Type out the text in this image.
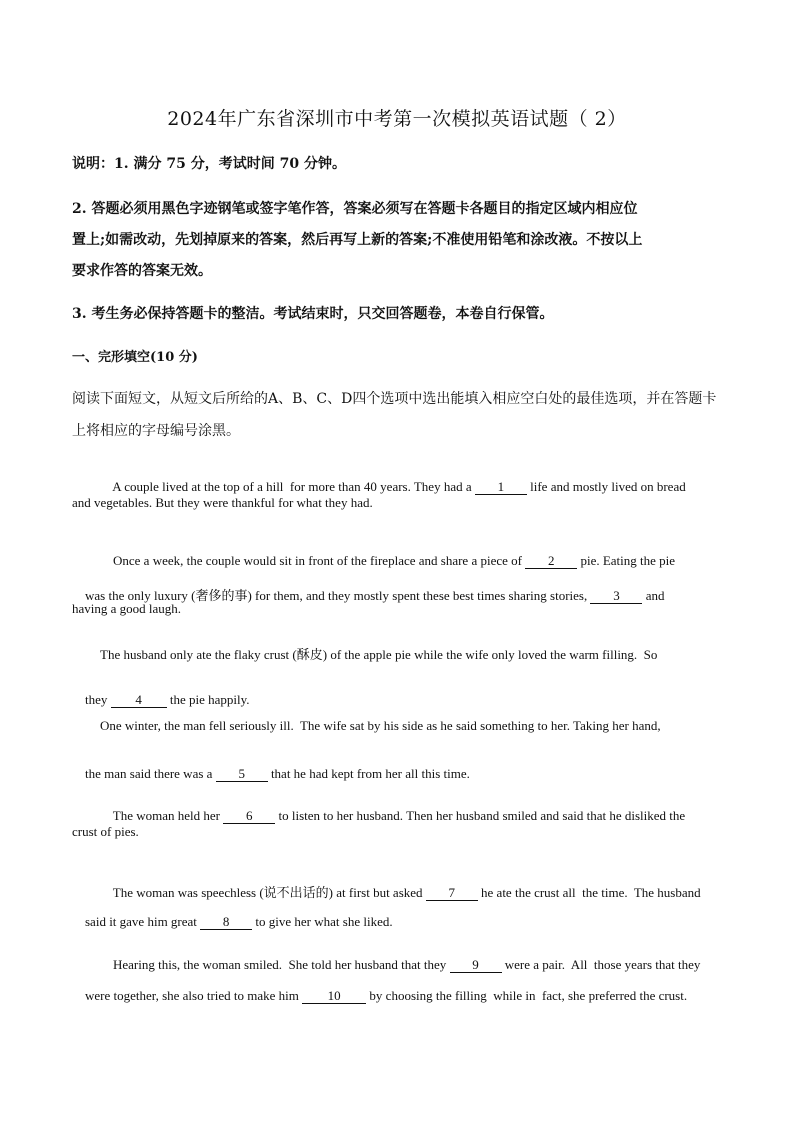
2024年广东省深圳市中考第一次模拟英语试题（ 2）
说明：1. 满分 75 分，考试时间 70 分钟。
2. 答题必须用黑色字迹钢笔或签字笔作答，答案必须写在答题卡各题目的指定区域内相应位
置上;如需改动，先划掉原来的答案，然后再写上新的答案;不准使用铅笔和涂改液。不按以上
要求作答的答案无效。
3. 考生务必保持答题卡的整洁。考试结束时，只交回答题卷，本卷自行保管。
一、完形填空(10 分)
阅读下面短文，从短文后所给的A、B、C、D四个选项中选出能填入相应空白处的最佳选项，并在答题卡
上将相应的字母编号涂黑。

A couple lived at the top of a hill  for more than 40 years. They had a 1 life and mostly lived on bread

and vegetables. But they were thankful for what they had.

Once a week, the couple would sit in front of the fireplace and share a piece of 2 pie. Eating the pie

was the only luxury (奢侈的事) for them, and they mostly spent these best times sharing stories, 3 and

having a good laugh.
The husband only ate the flaky crust (酥皮) of the apple pie while the wife only loved the warm filling.  So

they 4 the pie happily.

One winter, the man fell seriously ill.  The wife sat by his side as he said something to her. Taking her hand,

the man said there was a 5 that he had kept from her all this time.

The woman held her 6 to listen to her husband. Then her husband smiled and said that he disliked the

crust of pies.

The woman was speechless (说不出话的) at first but asked 7 he ate the crust all  the time.  The husband

said it gave him great 8 to give her what she liked.

Hearing this, the woman smiled.  She told her husband that they 9 were a pair.  All  those years that they

were together, she also tried to make him 10 by choosing the filling  while in  fact, she preferred the crust.
